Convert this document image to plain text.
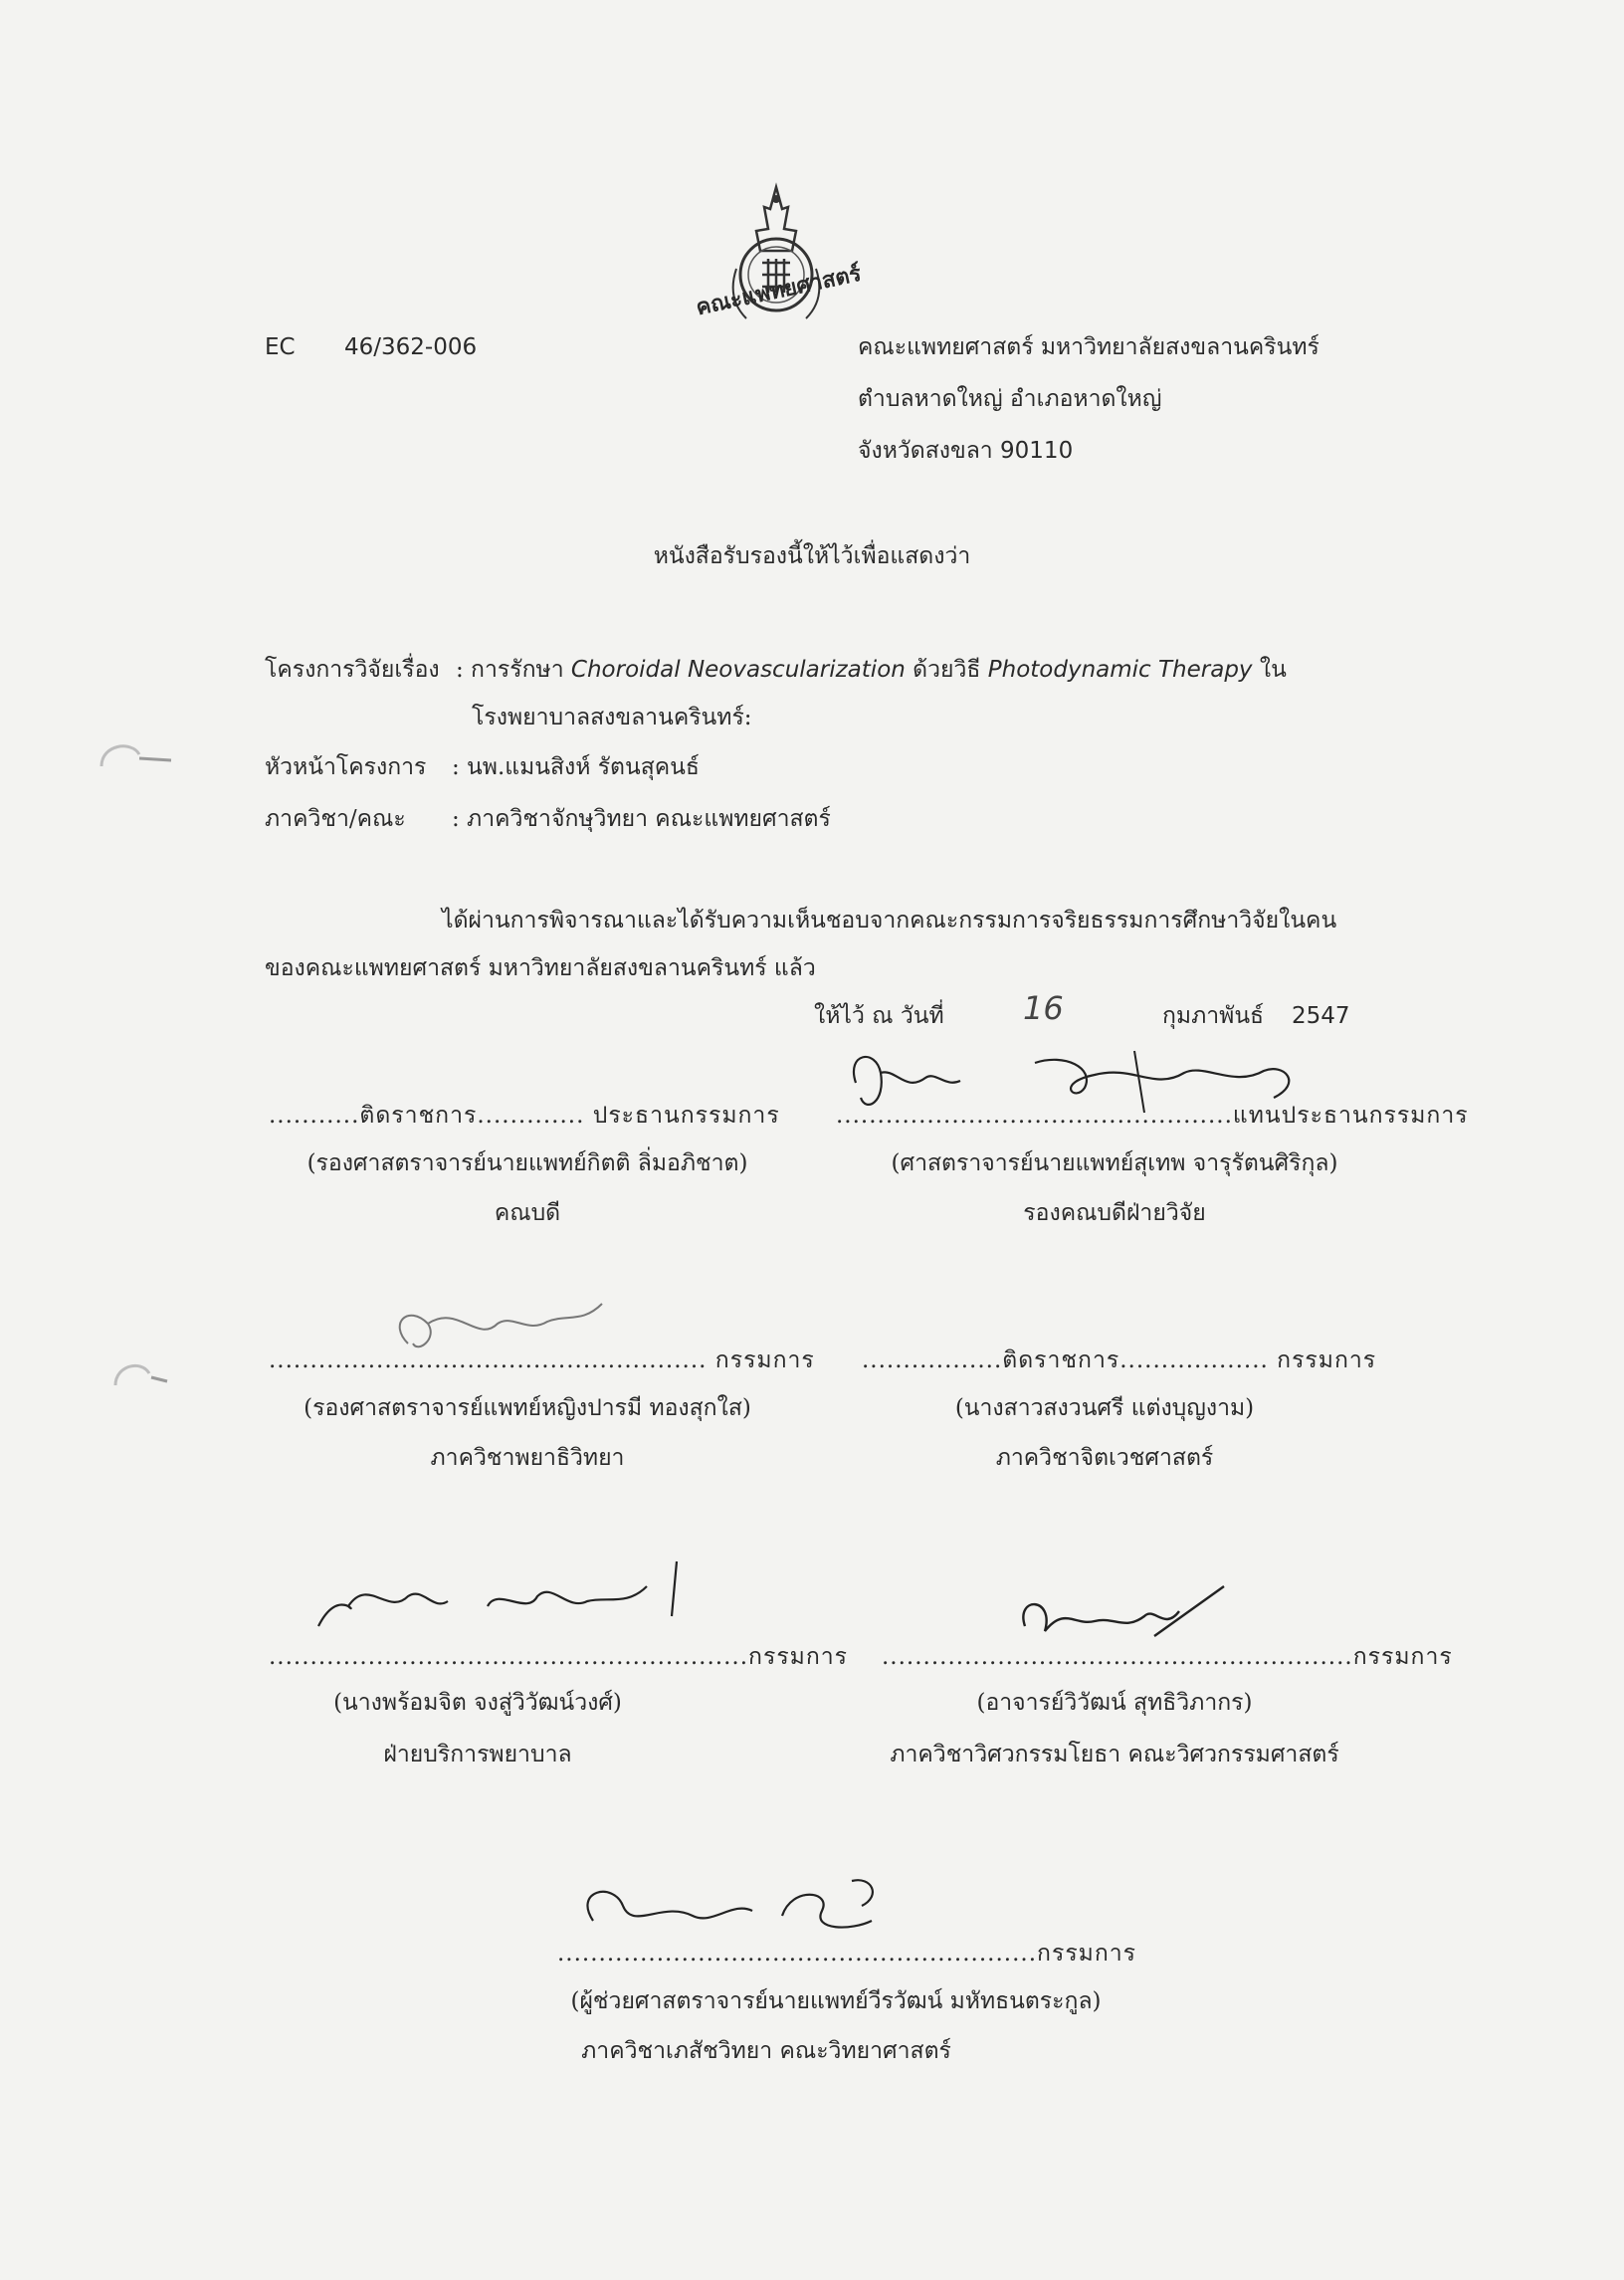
คณะแพทยศาสตร์
EC 46/362-006	คณะแพทยศาสตร์ มหาวิทยาลัยสงขลานครินทร์
ตำบลหาดใหญ่ อำเภอหาดใหญ่
จังหวัดสงขลา 90110
หนังสือรับรองนี้ให้ไว้เพื่อแสดงว่า
โครงการวิจัยเรื่อง : การรักษา Choroidal Neovascularization ด้วยวิธี Photodynamic Therapy ใน
โรงพยาบาลสงขลานครินทร์:
หัวหน้าโครงการ : นพ.แมนสิงห์ รัตนสุคนธ์
ภาควิชา/คณะ : ภาควิชาจักษุวิทยา คณะแพทยศาสตร์
ได้ผ่านการพิจารณาและได้รับความเห็นชอบจากคณะกรรมการจริยธรรมการศึกษาวิจัยในคน
ของคณะแพทยศาสตร์ มหาวิทยาลัยสงขลานครินทร์ แล้ว
ให้ไว้ ณ วันที่ 16	กุมภาพันธ์ 2547
...........ติดราชการ............. ประธานกรรมการ
(รองศาสตราจารย์นายแพทย์กิตติ ลิ่มอภิชาต)
คณบดี
................................................แทนประธานกรรมการ
(ศาสตราจารย์นายแพทย์สุเทพ จารุรัตนศิริกุล)
รองคณบดีฝ่ายวิจัย
..................................................... กรรมการ
(รองศาสตราจารย์แพทย์หญิงปารมี ทองสุกใส)
ภาควิชาพยาธิวิทยา
.................ติดราชการ.................. กรรมการ
(นางสาวสงวนศรี แต่งบุญงาม)
ภาควิชาจิตเวชศาสตร์
..........................................................กรรมการ
(นางพร้อมจิต จงสู่วิวัฒน์วงศ์)
ฝ่ายบริการพยาบาล
.........................................................กรรมการ
(อาจารย์วิวัฒน์ สุทธิวิภากร)
ภาควิชาวิศวกรรมโยธา คณะวิศวกรรมศาสตร์
..........................................................กรรมการ
(ผู้ช่วยศาสตราจารย์นายแพทย์วีรวัฒน์ มหัทธนตระกูล)
ภาควิชาเภสัชวิทยา คณะวิทยาศาสตร์
